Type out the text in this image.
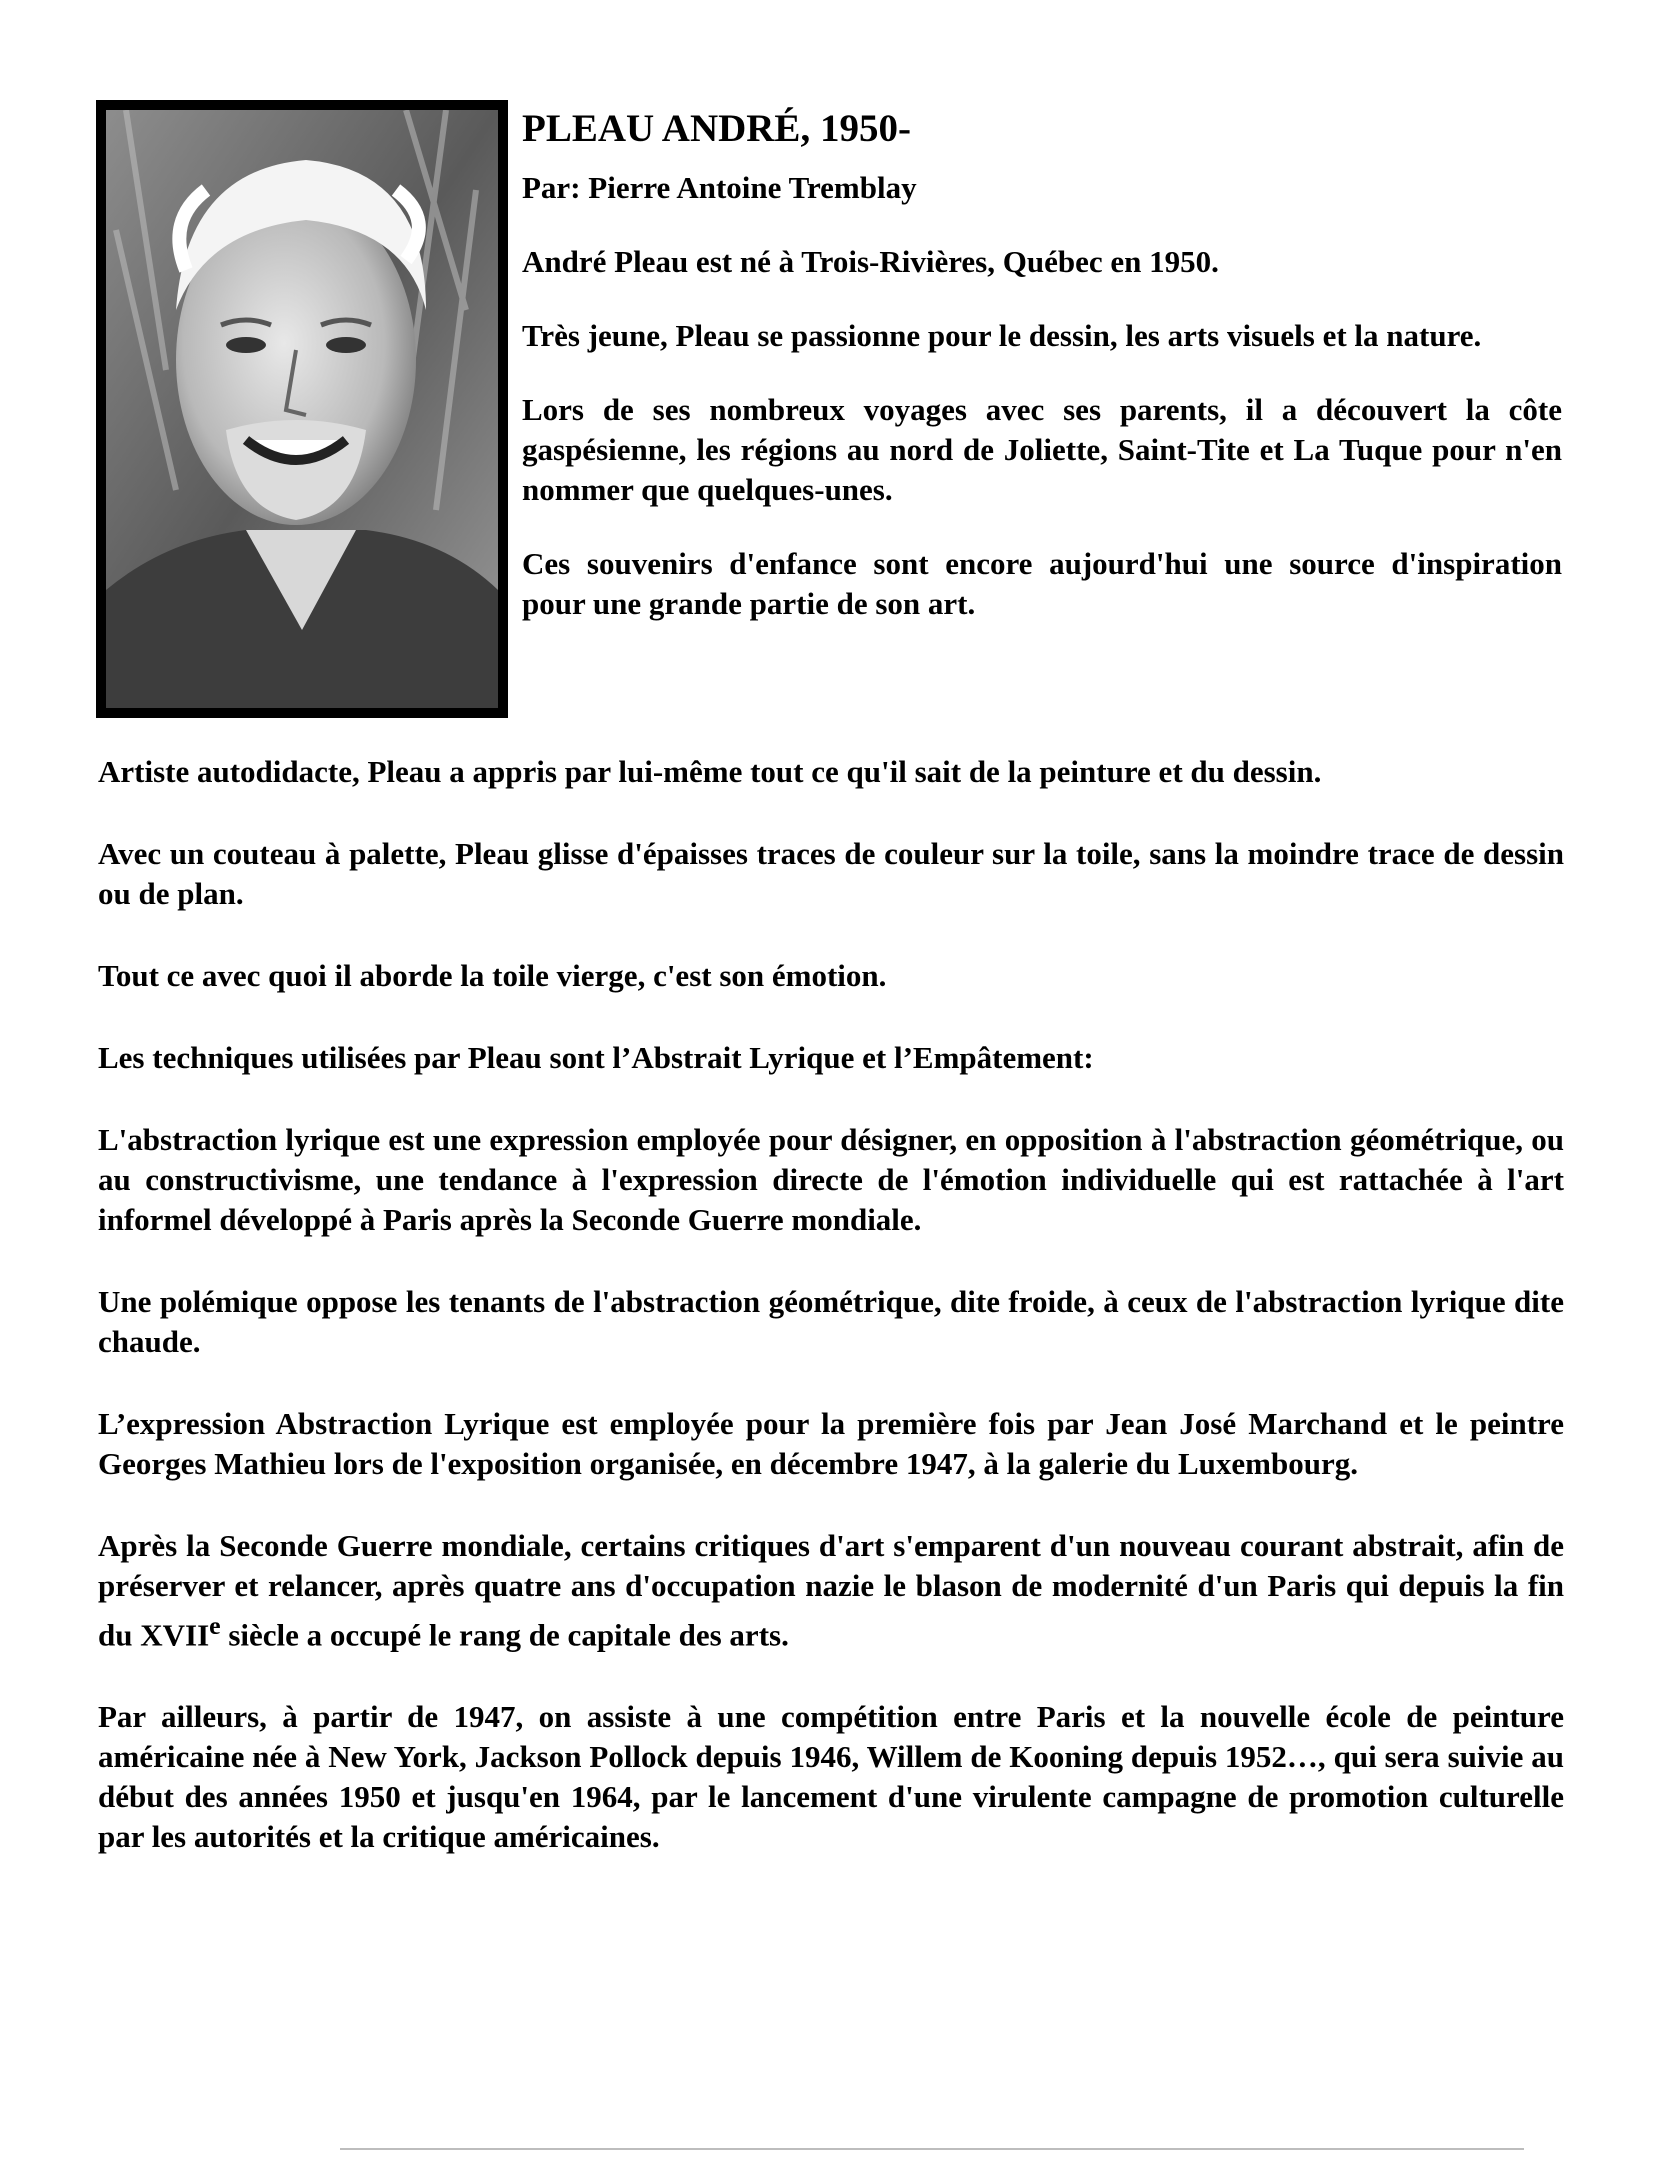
PLEAU ANDRÉ, 1950-
Par: Pierre Antoine Tremblay

André Pleau est né à Trois-Rivières, Québec en 1950.

Très jeune, Pleau se passionne pour le dessin, les arts visuels et la nature.

Lors de ses nombreux voyages avec ses parents, il a découvert la côte gaspésienne, les régions au nord de Joliette, Saint-Tite et La Tuque pour n'en nommer que quelques-unes.

Ces souvenirs d'enfance sont encore aujourd'hui une source d'inspiration pour une grande partie de son art.

Artiste autodidacte, Pleau a appris par lui-même tout ce qu'il sait de la peinture et du dessin.

Avec un couteau à palette, Pleau glisse d'épaisses traces de couleur sur la toile, sans la moindre trace de dessin ou de plan.

Tout ce avec quoi il aborde la toile vierge, c'est son émotion.

Les techniques utilisées par Pleau sont l’Abstrait Lyrique et l’Empâtement:

L'abstraction lyrique est une expression employée pour désigner, en opposition à l'abstraction géométrique, ou au constructivisme, une tendance à l'expression directe de l'émotion individuelle qui est rattachée à l'art informel développé à Paris après la Seconde Guerre mondiale.

Une polémique oppose les tenants de l'abstraction géométrique, dite froide, à ceux de l'abstraction lyrique dite chaude.

L’expression Abstraction Lyrique est employée pour la première fois par Jean José Marchand et le peintre Georges Mathieu lors de l'exposition organisée, en décembre 1947, à la galerie du Luxembourg.

Après la Seconde Guerre mondiale, certains critiques d'art s'emparent d'un nouveau courant abstrait, afin de préserver et relancer, après quatre ans d'occupation nazie le blason de modernité d'un Paris qui depuis la fin du XVIIe siècle a occupé le rang de capitale des arts.

Par ailleurs, à partir de 1947, on assiste à une compétition entre Paris et la nouvelle école de peinture américaine née à New York, Jackson Pollock depuis 1946, Willem de Kooning depuis 1952…, qui sera suivie au début des années 1950 et jusqu'en 1964, par le lancement d'une virulente campagne de promotion culturelle par les autorités et la critique américaines.
